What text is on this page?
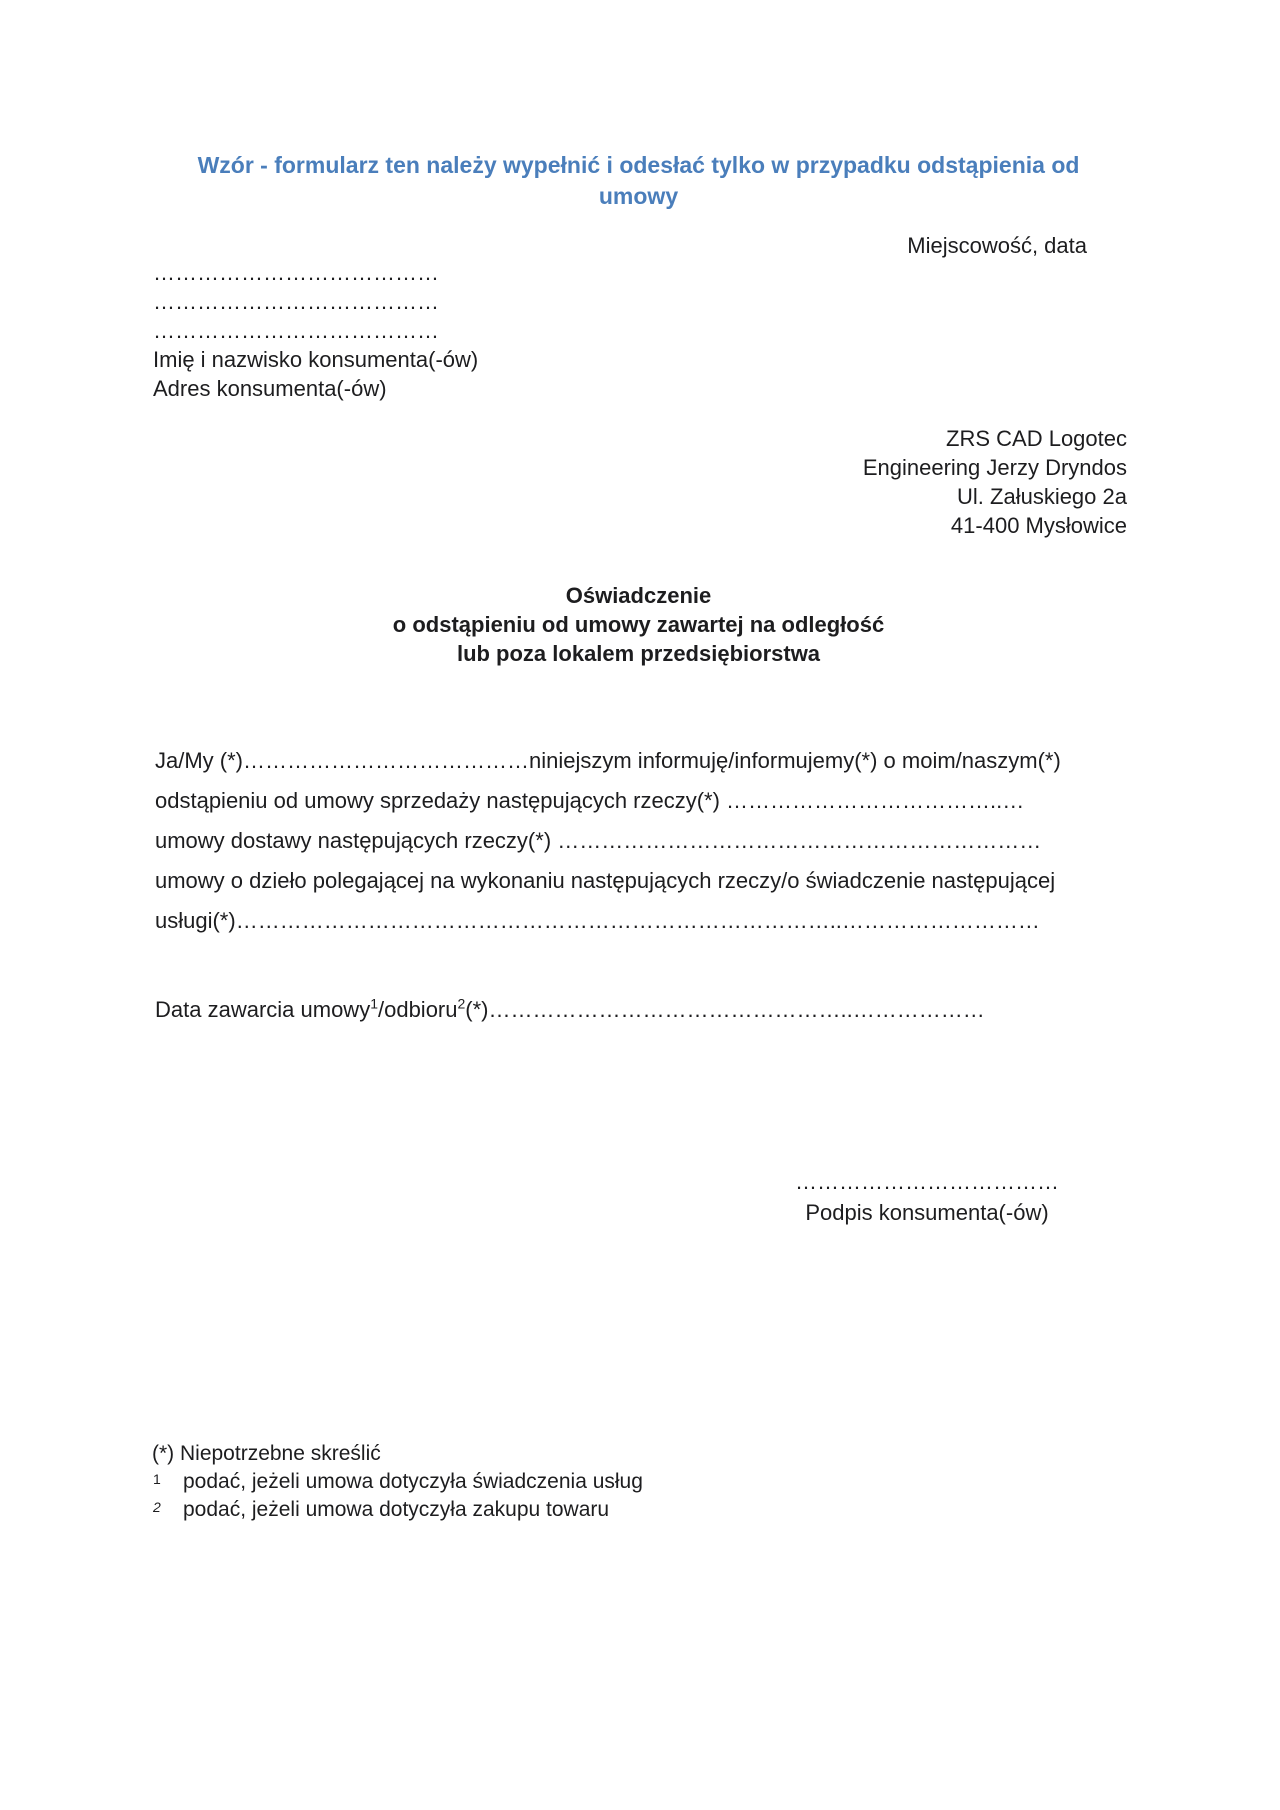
Wzór - formularz ten należy wypełnić i odesłać tylko w przypadku odstąpienia od
umowy
Miejscowość, data
…………………………………
…………………………………
…………………………………
Imię i nazwisko konsumenta(-ów)
Adres konsumenta(-ów)
ZRS CAD Logotec
Engineering Jerzy Dryndos
Ul. Załuskiego 2a
41-400 Mysłowice
Oświadczenie
o odstąpieniu od umowy zawartej na odległość
lub poza lokalem przedsiębiorstwa
Ja/My (*)…………………………………niniejszym informuję/informujemy(*) o moim/naszym(*)
odstąpieniu od umowy sprzedaży następujących rzeczy(*) ………………………………..…
umowy dostawy następujących rzeczy(*) …………………………………………………………
umowy o dzieło polegającej na wykonaniu następujących rzeczy/o świadczenie następującej
usługi(*)………………………………………………………………………..………………………
Data zawarcia umowy$^1$/odbioru$^2$(*)…………………………………………..………………
………………………………
Podpis konsumenta(-ów)
(*) Niepotrzebne skreślić
1 podać, jeżeli umowa dotyczyła świadczenia usług
2 podać, jeżeli umowa dotyczyła zakupu towaru
